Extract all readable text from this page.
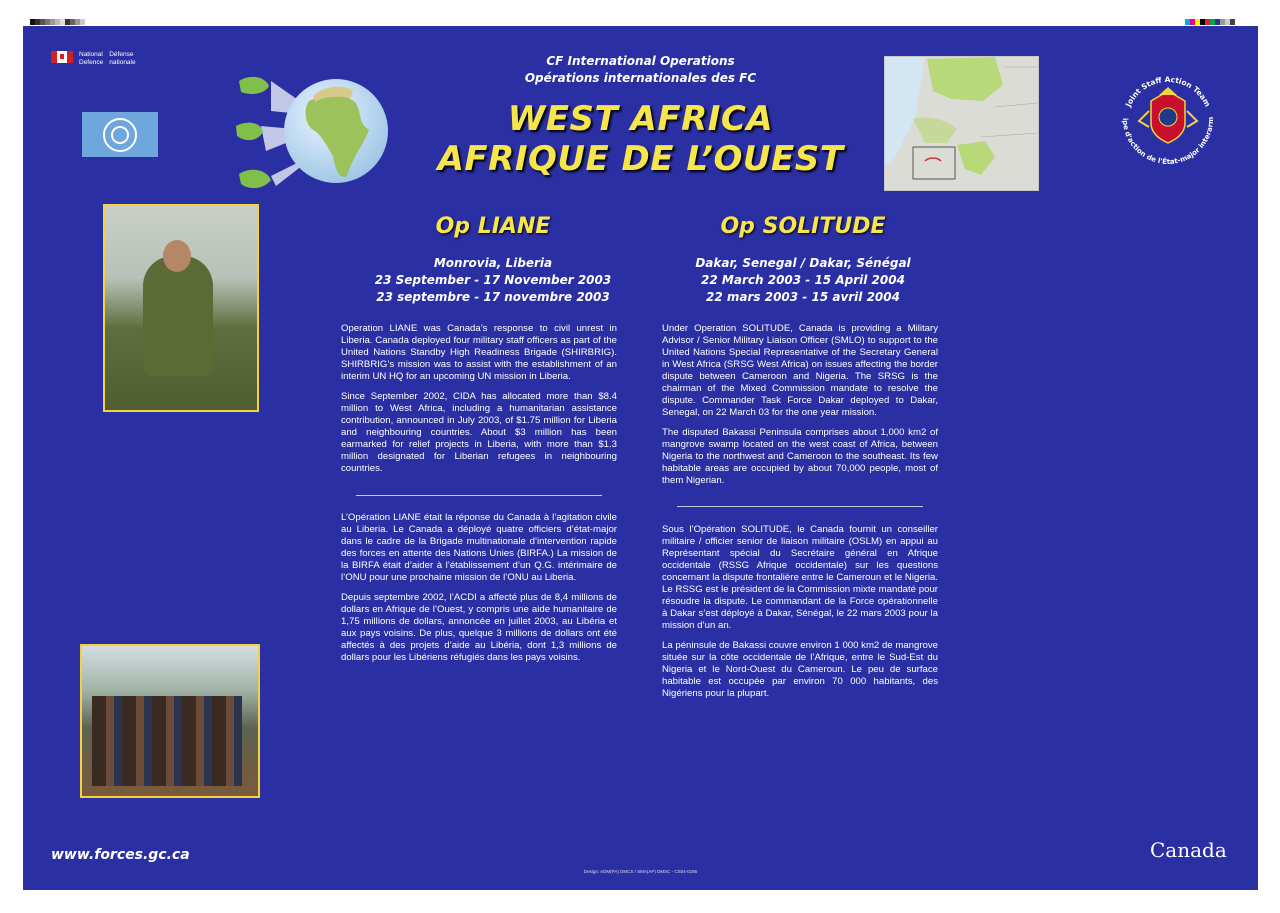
National Défense
Defence nationale	CF International Operations
Opérations internationales des FC
WEST AFRICA
AFRIQUE DE L’OUEST
Joint Staff Action Team
ipe d'action de l'État-major interarm
Op LIANE
Monrovia, Liberia
23 September - 17 November 2003
23 septembre - 17 novembre 2003
Op SOLITUDE
Dakar, Senegal / Dakar, Sénégal
22 March 2003 - 15 April 2004
22 mars 2003 - 15 avril 2004

Operation LIANE was Canada’s response to civil unrest in Liberia. Canada deployed four military staff officers as part of the United Nations Standby High Readiness Brigade (SHIRBRIG). SHIRBRIG’s mission was to assist with the establishment of an interim UN HQ for an upcoming UN mission in Liberia.

Since September 2002, CIDA has allocated more than $8.4 million to West Africa, including a humanitarian assistance contribution, announced in July 2003, of $1.75 million for Liberia and neighbouring countries. About $3 million has been earmarked for relief projects in Liberia, with more than $1.3 million designated for Liberian refugees in neighbouring countries.

L’Opération LIANE était la réponse du Canada à l’agitation civile au Liberia. Le Canada a déployé quatre officiers d’état-major dans le cadre de la Brigade multinationale d’intervention rapide des forces en attente des Nations Unies (BIRFA.) La mission de la BIRFA était d’aider à l’établissement d’un Q.G. intérimaire de l’ONU pour une prochaine mission de l’ONU au Liberia.

Depuis septembre 2002, l’ACDI a affecté plus de 8,4 millions de dollars en Afrique de l’Ouest, y compris une aide humanitaire de 1,75 millions de dollars, annoncée en juillet 2003, au Libéria et aux pays voisins. De plus, quelque 3 millions de dollars ont été affectés à des projets d’aide au Libéria, dont 1,3 millions de dollars pour les Libériens réfugiés dans les pays voisins.

Under Operation SOLITUDE, Canada is providing a Military Advisor / Senior Military Liaison Officer (SMLO) to support to the United Nations Special Representative of the Secretary General in West Africa (SRSG West Africa) on issues affecting the border dispute between Cameroon and Nigeria. The SRSG is the chairman of the Mixed Commission mandate to resolve the dispute. Commander Task Force Dakar deployed to Dakar, Senegal, on 22 March 03 for the one year mission.

The disputed Bakassi Peninsula comprises about 1,000 km2 of mangrove swamp located on the west coast of Africa, between Nigeria to the northwest and Cameroon to the southeast. Its few habitable areas are occupied by about 70,000 people, most of them Nigerian.

Sous l’Opération SOLITUDE, le Canada fournit un conseiller militaire / officier senior de liaison militaire (OSLM) en appui au Représentant spécial du Secrétaire général en Afrique occidentale (RSSG Afrique occidentale) sur les questions concernant la dispute frontalière entre le Cameroun et le Nigeria. Le RSSG est le président de la Commission mixte mandaté pour résoudre la dispute. Le commandant de la Force opérationnelle à Dakar s’est déployé à Dakar, Sénégal, le 22 mars 2003 pour la mission d’un an.

La péninsule de Bakassi couvre environ 1 000 km2 de mangrove située sur la côte occidentale de l’Afrique, entre le Sud-Est du Nigeria et le Nord-Ouest du Cameroun. Le peu de surface habitable est occupée par environ 70 000 habitants, des Nigériens pour la plupart.

www.forces.gc.ca	Canada
Design: ADM(PA) DMCS / SMA(AP) DMSC - CS04-0186
